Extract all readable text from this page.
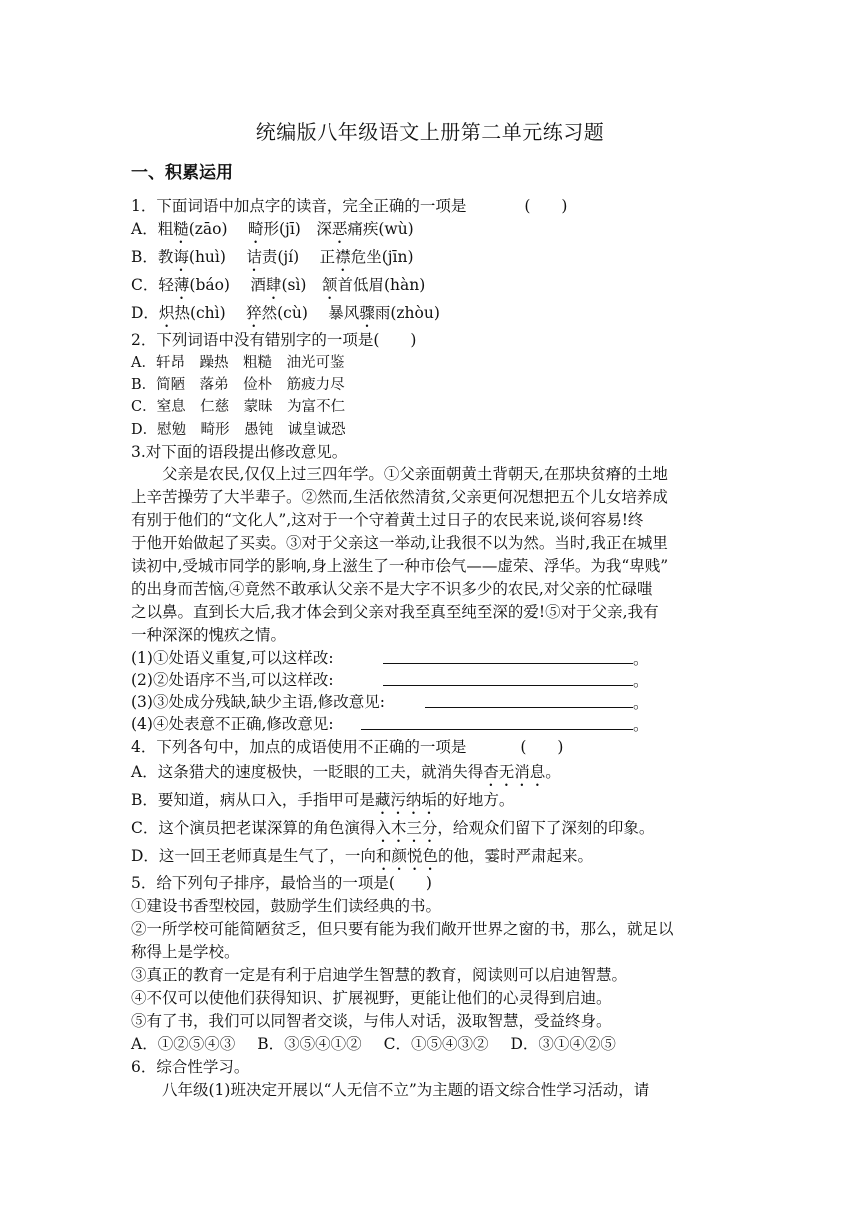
统编版八年级语文上册第二单元练习题
一、积累运用
1．下面词语中加点字的读音，完全正确的一项是	(　　)
A．粗糙(zāo)　 畸形(jī)　深恶痛疾(wù)
B．教诲(huì)　 诘责(jí)　 正襟危坐(jīn)
C．轻薄(báo)　 酒肆(sì)　颔首低眉(hàn)
D．炽热(chì)　 猝然(cù)　 暴风骤雨(zhòu)
2．下列词语中没有错别字的一项是(　　)
A．轩昂　躁热　粗糙　油光可鉴
B．简陋　落弟　俭朴　筋疲力尽
C．窒息　仁慈　蒙昧　为富不仁
D．慰勉　畸形　愚钝　诚皇诚恐
3.对下面的语段提出修改意见。
　　父亲是农民,仅仅上过三四年学。①父亲面朝黄土背朝天,在那块贫瘠的土地
上辛苦操劳了大半辈子。②然而,生活依然清贫,父亲更何况想把五个儿女培养成
有别于他们的“文化人”,这对于一个守着黄土过日子的农民来说,谈何容易!终
于他开始做起了买卖。③对于父亲这一举动,让我很不以为然。当时,我正在城里
读初中,受城市同学的影响,身上滋生了一种市侩气——虚荣、浮华。为我“卑贱”
的出身而苦恼,④竟然不敢承认父亲不是大字不识多少的农民,对父亲的忙碌嗤
之以鼻。直到长大后,我才体会到父亲对我至真至纯至深的爱!⑤对于父亲,我有
一种深深的愧疚之情。
(1)①处语义重复,可以这样改:	。
(2)②处语序不当,可以这样改:	。
(3)③处成分残缺,缺少主语,修改意见:	。
(4)④处表意不正确,修改意见:	。
4．下列各句中，加点的成语使用不正确的一项是	(　　)
A．这条猎犬的速度极快，一眨眼的工夫，就消失得杳无消息。
B．要知道，病从口入，手指甲可是藏污纳垢的好地方。
C．这个演员把老谋深算的角色演得入木三分，给观众们留下了深刻的印象。
D．这一回王老师真是生气了，一向和颜悦色的他，霎时严肃起来。
5．给下列句子排序，最恰当的一项是(　　)
①建设书香型校园，鼓励学生们读经典的书。
②一所学校可能简陋贫乏，但只要有能为我们敞开世界之窗的书，那么，就足以
称得上是学校。
③真正的教育一定是有利于启迪学生智慧的教育，阅读则可以启迪智慧。
④不仅可以使他们获得知识、扩展视野，更能让他们的心灵得到启迪。
⑤有了书，我们可以同智者交谈，与伟人对话，汲取智慧，受益终身。
A．①②⑤④③ B．③⑤④①② C．①⑤④③② D．③①④②⑤
6．综合性学习。
　　八年级(1)班决定开展以“人无信不立”为主题的语文综合性学习活动，请
